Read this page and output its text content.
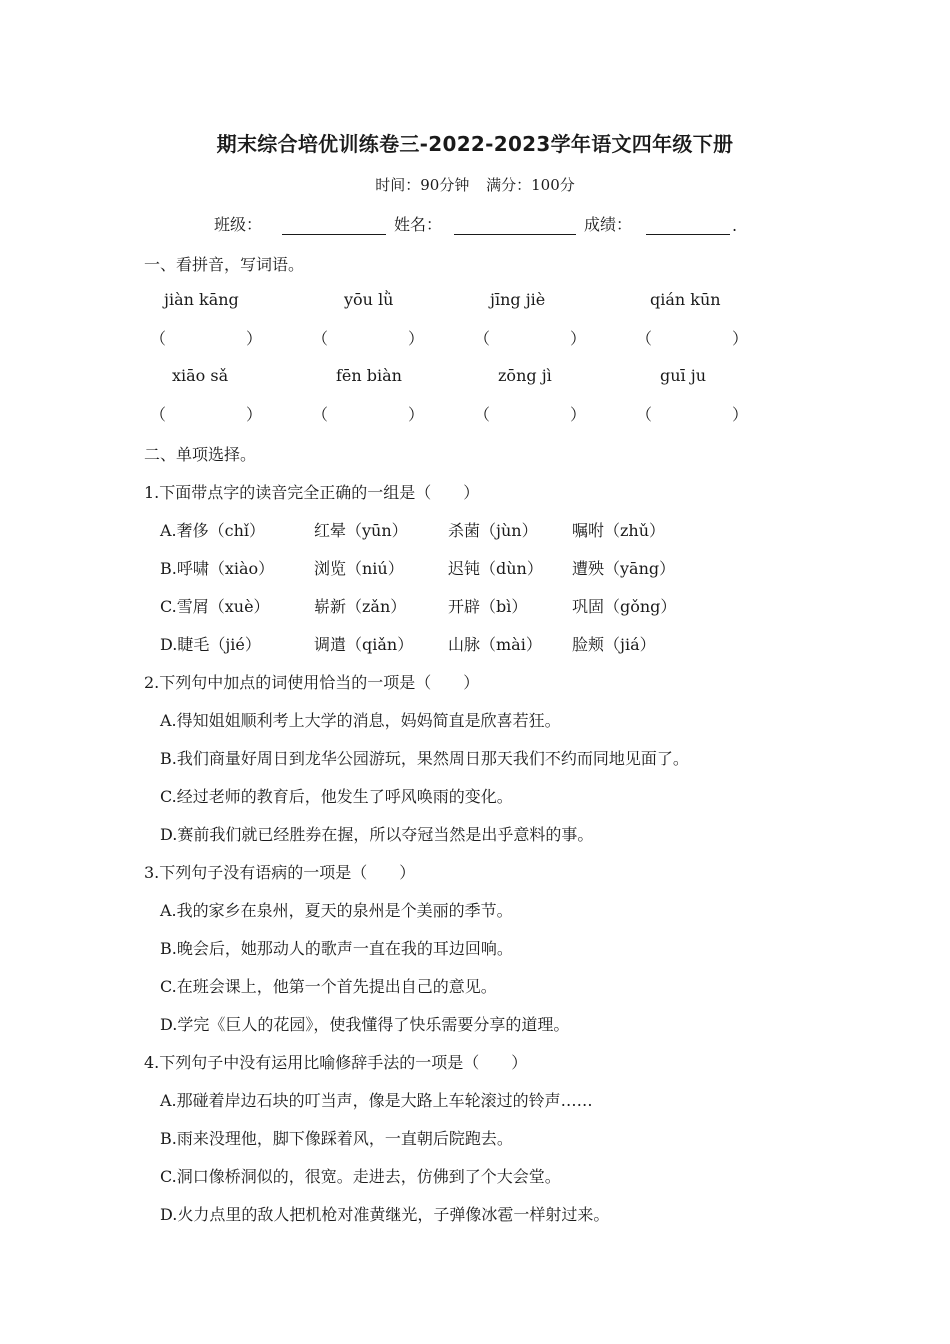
期末综合培优训练卷三-2022-2023学年语文四年级下册
时间：90分钟 满分：100分
班级：	姓名：	成绩：	.
一、看拼音，写词语。
jiàn kāng	yōu lǜ	jīng jiè	qián kūn
（	）	（	）	（	）	（	）
xiāo sǎ	fēn biàn	zōng jì	guī ju
（	）	（	）	（	）	（	）
二、单项选择。
1.下面带点字的读音完全正确的一组是（　　）
A.奢侈（chǐ）	红晕（yūn）	杀菌（jùn） 嘱咐（zhǔ）
B.呼啸（xiào） 浏览（niú）	迟钝（dùn） 遭殃（yāng）
C.雪屑（xuè）	崭新（zǎn）	开辟（bì）	巩固（gǒng）
D.睫毛（jié）	调遣（qiǎn） 山脉（mài） 脸颊（jiá）
2.下列句中加点的词使用恰当的一项是（　　）
A.得知姐姐顺利考上大学的消息，妈妈简直是欣喜若狂。
B.我们商量好周日到龙华公园游玩，果然周日那天我们不约而同地见面了。
C.经过老师的教育后，他发生了呼风唤雨的变化。
D.赛前我们就已经胜券在握，所以夺冠当然是出乎意料的事。
3.下列句子没有语病的一项是（　　）
A.我的家乡在泉州，夏天的泉州是个美丽的季节。
B.晚会后，她那动人的歌声一直在我的耳边回响。
C.在班会课上，他第一个首先提出自己的意见。
D.学完《巨人的花园》，使我懂得了快乐需要分享的道理。
4.下列句子中没有运用比喻修辞手法的一项是（　　）
A.那碰着岸边石块的叮当声，像是大路上车轮滚过的铃声……
B.雨来没理他，脚下像踩着风，一直朝后院跑去。
C.洞口像桥洞似的，很宽。走进去，仿佛到了个大会堂。
D.火力点里的敌人把机枪对准黄继光，子弹像冰雹一样射过来。
